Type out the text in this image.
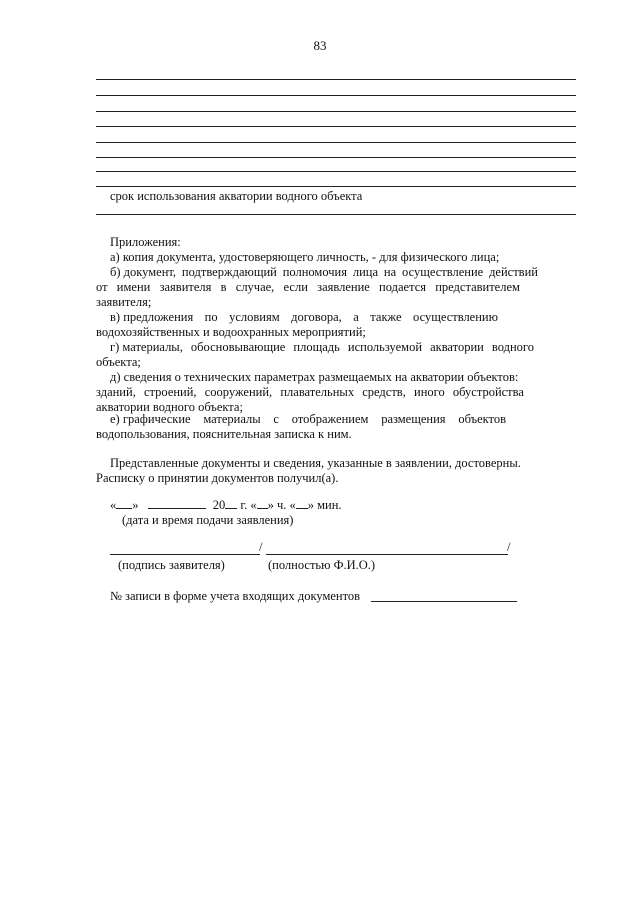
83
срок использования акватории водного объекта
Приложения:
а) копия документа, удостоверяющего личность, - для физического лица;
б) документ, подтверждающий полномочия лица на осуществление действий
от имени заявителя в случае, если заявление подается представителем
заявителя;
в) предложения по условиям договора, а также осуществлению
водохозяйственных и водоохранных мероприятий;
г) материалы, обосновывающие площадь используемой акватории водного
объекта;
д) сведения о технических параметрах размещаемых на акватории объектов:
зданий, строений, сооружений, плавательных средств, иного обустройства
акватории водного объекта;
е) графические материалы с отображением размещения объектов
водопользования, пояснительная записка к ним.
Представленные документы и сведения, указанные в заявлении, достоверны.
Расписку о принятии документов получил(а).
« »	20 г. « » ч. « » мин.
(дата и время подачи заявления)
/	/
(подпись заявителя)	(полностью Ф.И.О.)
№ записи в форме учета входящих документов
